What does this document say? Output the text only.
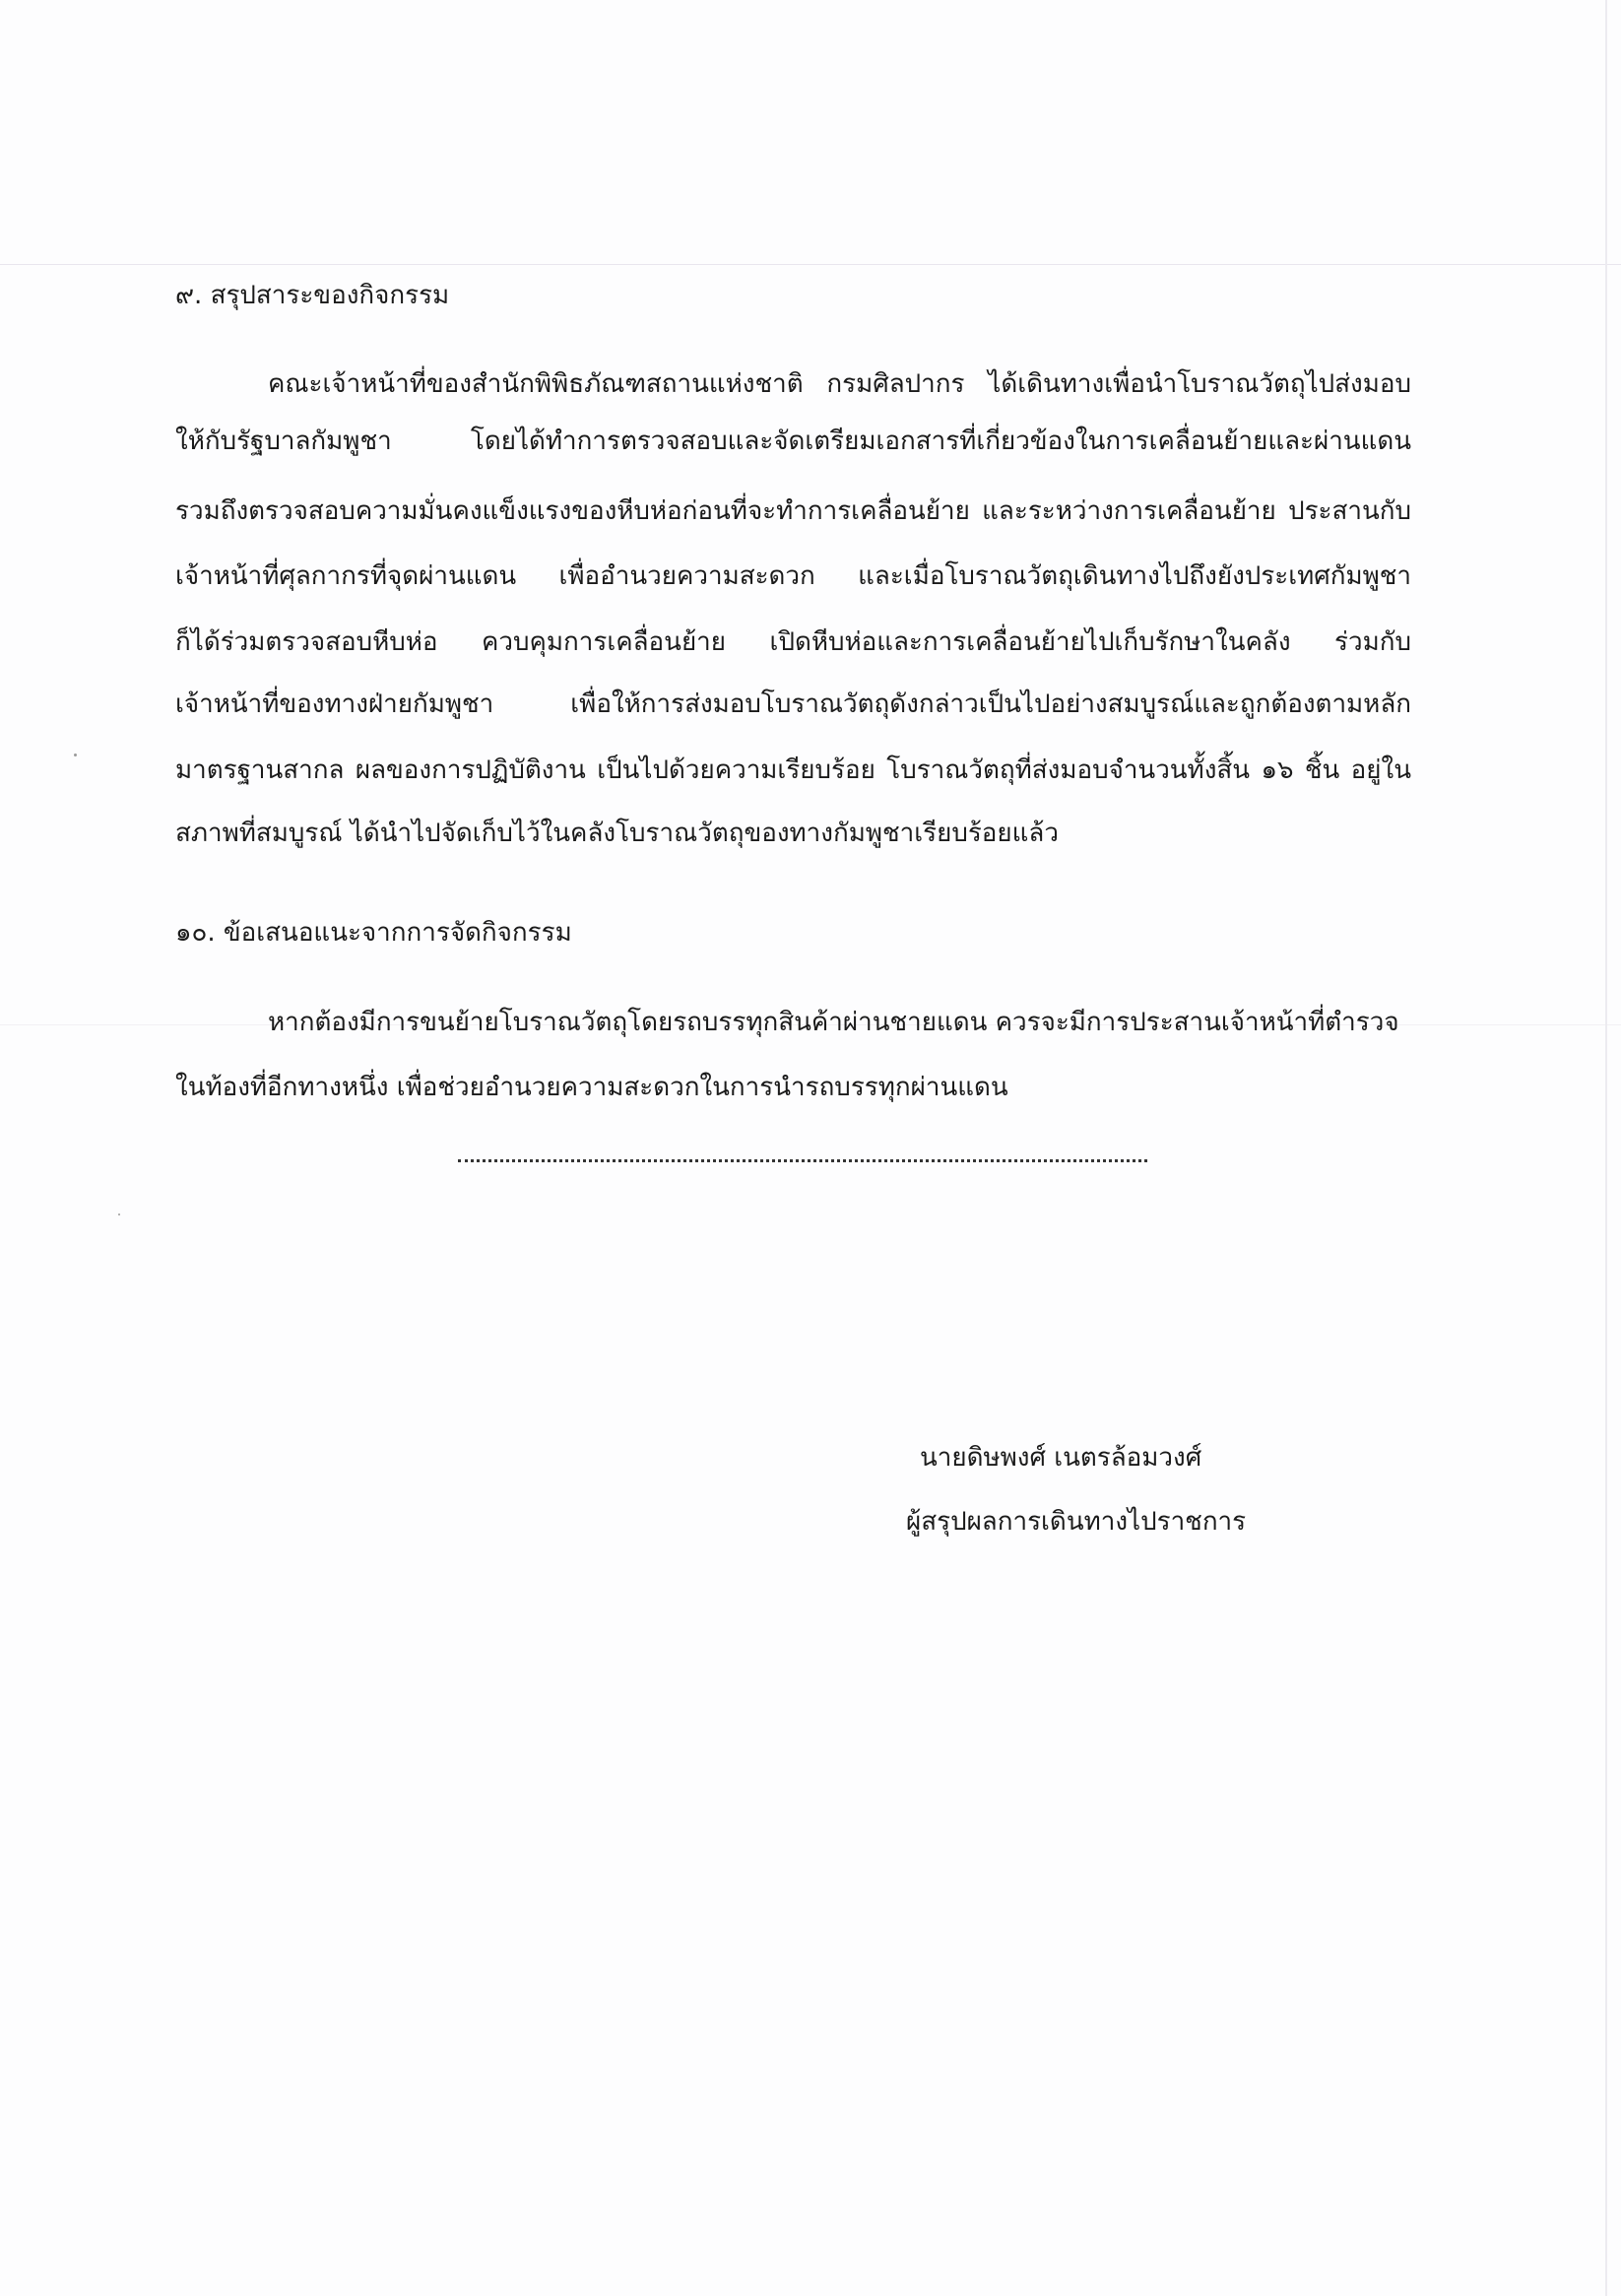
๙. สรุปสาระของกิจกรรม
คณะเจ้าหน้าที่ของสำนักพิพิธภัณฑสถานแห่งชาติ กรมศิลปากร ได้เดินทางเพื่อนำโบราณวัตถุไปส่งมอบ
ให้กับรัฐบาลกัมพูชา โดยได้ทำการตรวจสอบและจัดเตรียมเอกสารที่เกี่ยวข้องในการเคลื่อนย้ายและผ่านแดน
รวมถึงตรวจสอบความมั่นคงแข็งแรงของหีบห่อก่อนที่จะทำการเคลื่อนย้าย และระหว่างการเคลื่อนย้าย ประสานกับ
เจ้าหน้าที่ศุลกากรที่จุดผ่านแดน เพื่ออำนวยความสะดวก และเมื่อโบราณวัตถุเดินทางไปถึงยังประเทศกัมพูชา
ก็ได้ร่วมตรวจสอบหีบห่อ ควบคุมการเคลื่อนย้าย เปิดหีบห่อและการเคลื่อนย้ายไปเก็บรักษาในคลัง ร่วมกับ
เจ้าหน้าที่ของทางฝ่ายกัมพูชา เพื่อให้การส่งมอบโบราณวัตถุดังกล่าวเป็นไปอย่างสมบูรณ์และถูกต้องตามหลัก
มาตรฐานสากล ผลของการปฏิบัติงาน เป็นไปด้วยความเรียบร้อย โบราณวัตถุที่ส่งมอบจำนวนทั้งสิ้น ๑๖ ชิ้น อยู่ใน
สภาพที่สมบูรณ์ ได้นำไปจัดเก็บไว้ในคลังโบราณวัตถุของทางกัมพูชาเรียบร้อยแล้ว
๑๐. ข้อเสนอแนะจากการจัดกิจกรรม
หากต้องมีการขนย้ายโบราณวัตถุโดยรถบรรทุกสินค้าผ่านชายแดน ควรจะมีการประสานเจ้าหน้าที่ตำรวจ
ในท้องที่อีกทางหนึ่ง เพื่อช่วยอำนวยความสะดวกในการนำรถบรรทุกผ่านแดน
นายดิษพงศ์ เนตรล้อมวงศ์
ผู้สรุปผลการเดินทางไปราชการ
